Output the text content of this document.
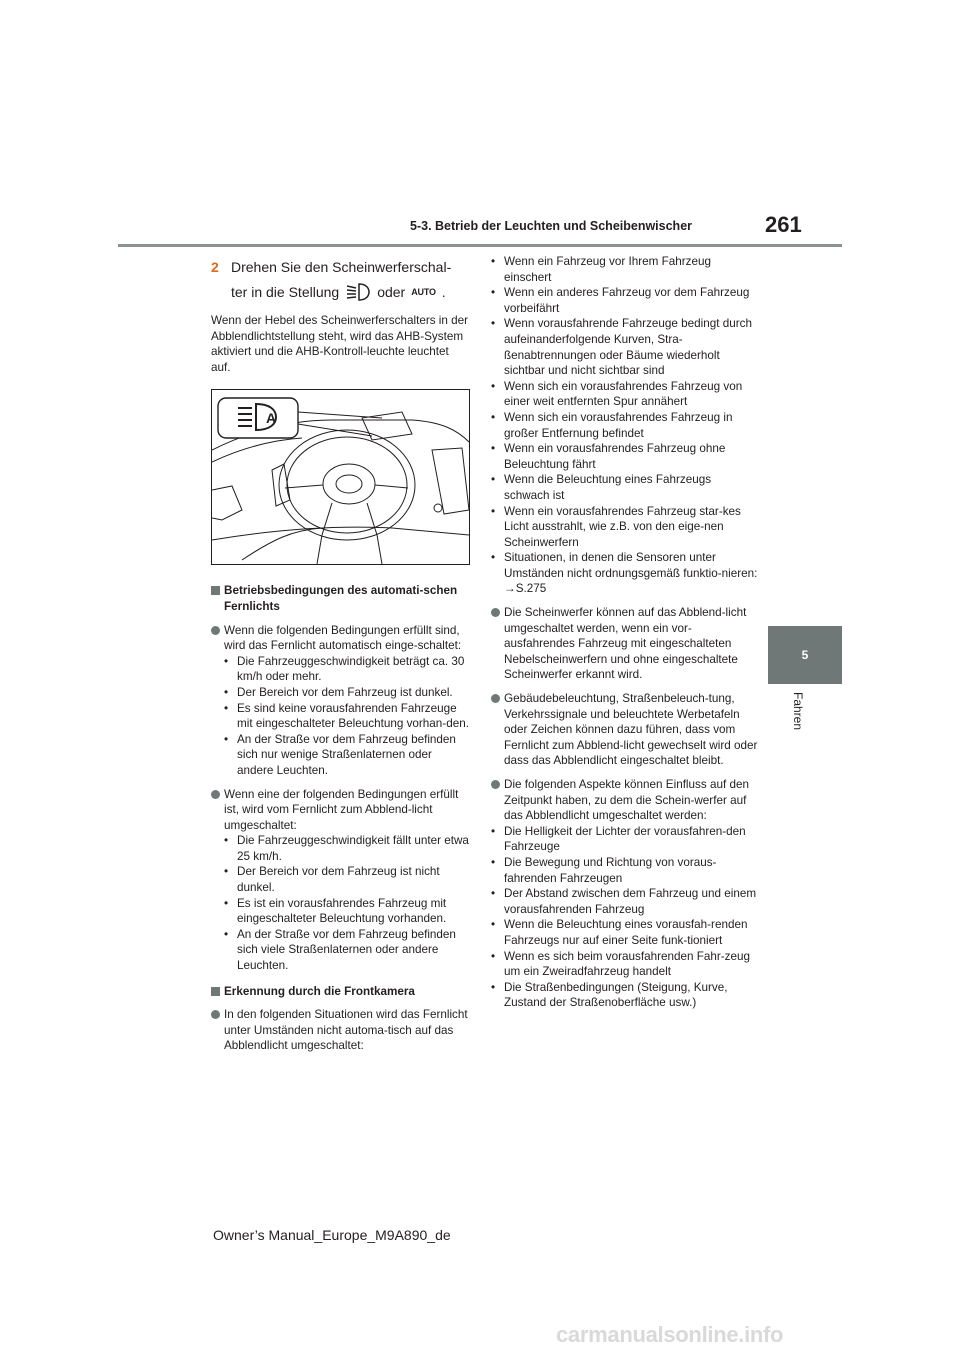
5-3. Betrieb der Leuchten und Scheibenwischer	261
5
Fahren
2 Drehen Sie den Scheinwerferschal-
ter in die Stellung	oder AUTO .

Wenn der Hebel des Scheinwerferschalters in der Abblendlichtstellung steht, wird das AHB-System aktiviert und die AHB-Kontroll-leuchte leuchtet auf.

A
Betriebsbedingungen des automati-schen Fernlichts
Wenn die folgenden Bedingungen erfüllt sind, wird das Fernlicht automatisch einge-schaltet:
• Die Fahrzeuggeschwindigkeit beträgt ca. 30 km/h oder mehr.
• Der Bereich vor dem Fahrzeug ist dunkel.
• Es sind keine vorausfahrenden Fahrzeuge mit eingeschalteter Beleuchtung vorhan-den.
• An der Straße vor dem Fahrzeug befinden sich nur wenige Straßenlaternen oder andere Leuchten.
Wenn eine der folgenden Bedingungen erfüllt ist, wird vom Fernlicht zum Abblend-licht umgeschaltet:
• Die Fahrzeuggeschwindigkeit fällt unter etwa 25 km/h.
• Der Bereich vor dem Fahrzeug ist nicht dunkel.
• Es ist ein vorausfahrendes Fahrzeug mit eingeschalteter Beleuchtung vorhanden.
• An der Straße vor dem Fahrzeug befinden sich viele Straßenlaternen oder andere Leuchten.
Erkennung durch die Frontkamera
In den folgenden Situationen wird das Fernlicht unter Umständen nicht automa-tisch auf das Abblendlicht umgeschaltet:
• Wenn ein Fahrzeug vor Ihrem Fahrzeug einschert
• Wenn ein anderes Fahrzeug vor dem Fahrzeug vorbeifährt
• Wenn vorausfahrende Fahrzeuge bedingt durch aufeinanderfolgende Kurven, Stra-ßenabtrennungen oder Bäume wiederholt sichtbar und nicht sichtbar sind
• Wenn sich ein vorausfahrendes Fahrzeug von einer weit entfernten Spur annähert
• Wenn sich ein vorausfahrendes Fahrzeug in großer Entfernung befindet
• Wenn ein vorausfahrendes Fahrzeug ohne Beleuchtung fährt
• Wenn die Beleuchtung eines Fahrzeugs schwach ist
• Wenn ein vorausfahrendes Fahrzeug star-kes Licht ausstrahlt, wie z.B. von den eige-nen Scheinwerfern
• Situationen, in denen die Sensoren unter Umständen nicht ordnungsgemäß funktio-nieren: →S.275
Die Scheinwerfer können auf das Abblend-licht umgeschaltet werden, wenn ein vor-ausfahrendes Fahrzeug mit eingeschalteten Nebelscheinwerfern und ohne eingeschaltete Scheinwerfer erkannt wird.
Gebäudebeleuchtung, Straßenbeleuch-tung, Verkehrssignale und beleuchtete Werbetafeln oder Zeichen können dazu führen, dass vom Fernlicht zum Abblend-licht gewechselt wird oder dass das Abblendlicht eingeschaltet bleibt.
Die folgenden Aspekte können Einfluss auf den Zeitpunkt haben, zu dem die Schein-werfer auf das Abblendlicht umgeschaltet werden:
• Die Helligkeit der Lichter der vorausfahren-den Fahrzeuge
• Die Bewegung und Richtung von voraus-fahrenden Fahrzeugen
• Der Abstand zwischen dem Fahrzeug und einem vorausfahrenden Fahrzeug
• Wenn die Beleuchtung eines vorausfah-renden Fahrzeugs nur auf einer Seite funk-tioniert
• Wenn es sich beim vorausfahrenden Fahr-zeug um ein Zweiradfahrzeug handelt
• Die Straßenbedingungen (Steigung, Kurve, Zustand der Straßenoberfläche usw.)
Owner’s Manual_Europe_M9A890_de
carmanualsonline.info
